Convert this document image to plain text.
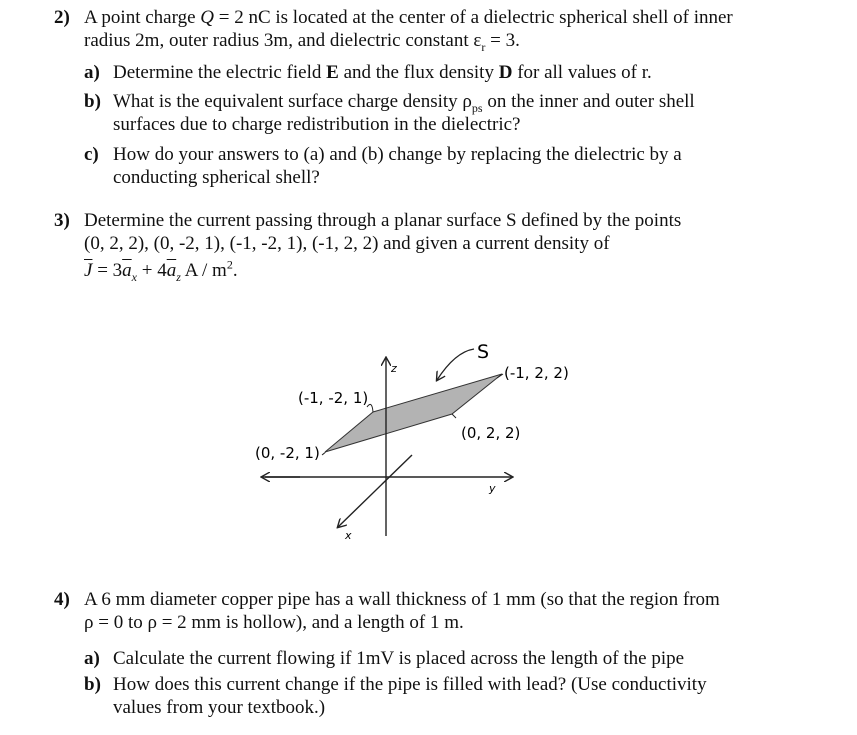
2) A point charge Q = 2 nC is located at the center of a dielectric spherical shell of inner
radius 2m, outer radius 3m, and dielectric constant $\varepsilon_r = 3$.
a) Determine the electric field E and the flux density D for all values of r.
b) What is the equivalent surface charge density $\rho_{ps}$ on the inner and outer shell
surfaces due to charge redistribution in the dielectric?
c) How do your answers to (a) and (b) change by replacing the dielectric by a
conducting spherical shell?
3) Determine the current passing through a planar surface S defined by the points
(0, 2, 2), (0, -2, 1), (-1, -2, 1), (-1, 2, 2) and given a current density of
$\overline{J} = 3\overline{a}_x + 4\overline{a}_z$ A / $m^2$.
S
z
y
x
(-1, 2, 2)
(-1, -2, 1)
(0, 2, 2)
(0, -2, 1)
4) A 6 mm diameter copper pipe has a wall thickness of 1 mm (so that the region from
ρ = 0 to ρ = 2 mm is hollow), and a length of 1 m.
a) Calculate the current flowing if 1mV is placed across the length of the pipe
b) How does this current change if the pipe is filled with lead? (Use conductivity
values from your textbook.)
